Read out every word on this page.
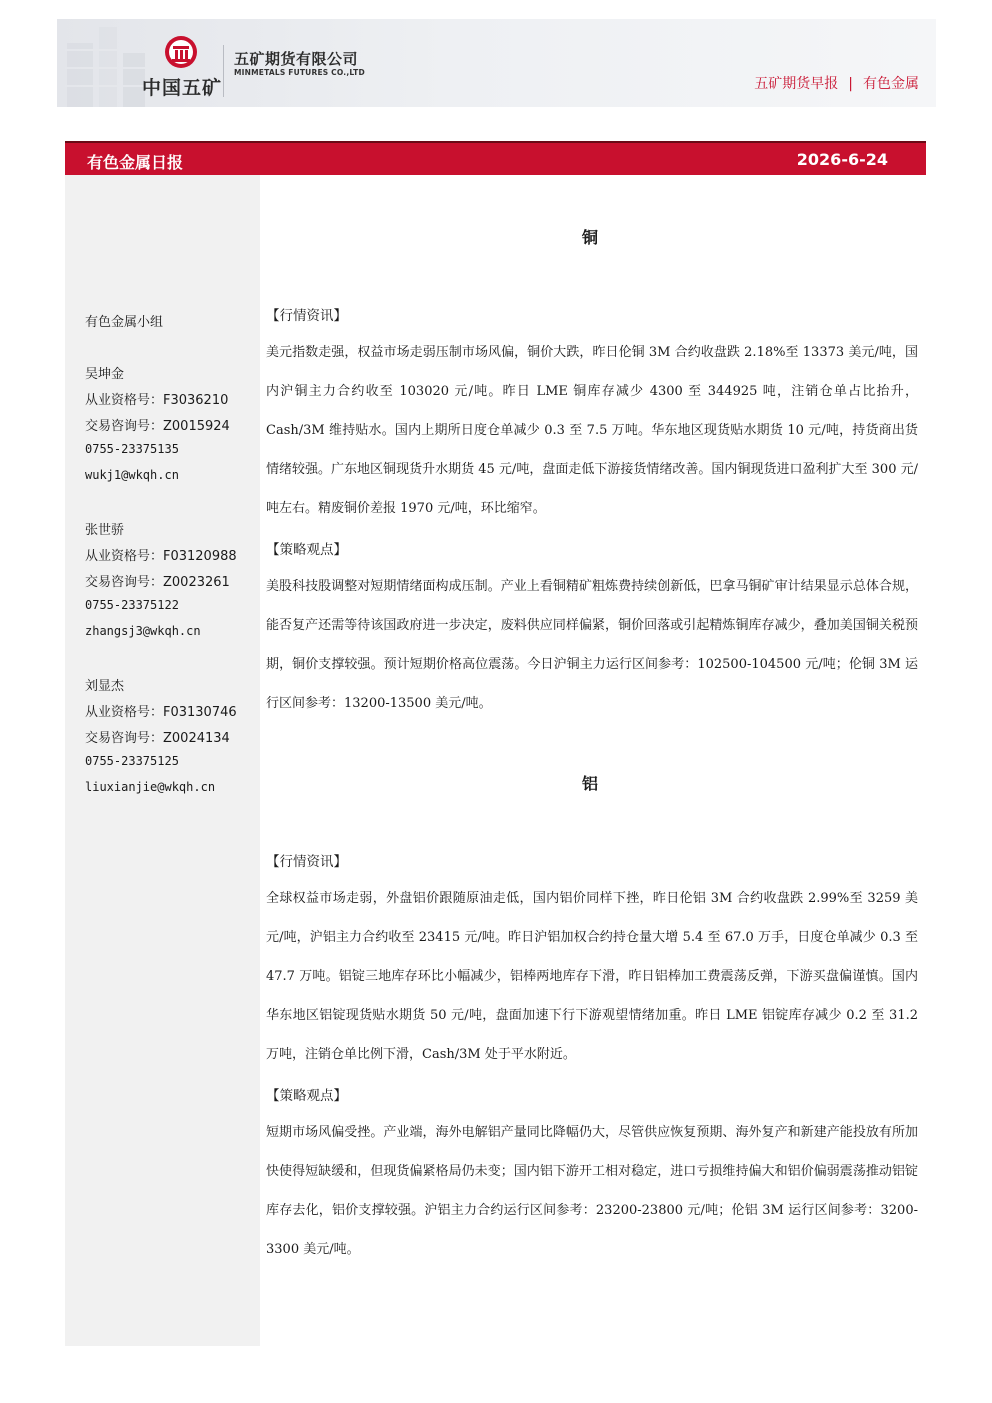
中国五矿
五矿期货有限公司
MINMETALS FUTURES CO.,LTD
五矿期货早报 | 有色金属
有色金属日报	2026-6-24
有色金属小组
吴坤金
从业资格号：F3036210
交易咨询号：Z0015924
0755-23375135
wukj1@wkqh.cn
张世骄
从业资格号：F03120988
交易咨询号：Z0023261
0755-23375122
zhangsj3@wkqh.cn
刘显杰
从业资格号：F03130746
交易咨询号：Z0024134
0755-23375125
liuxianjie@wkqh.cn
铜
【行情资讯】
美元指数走强，权益市场走弱压制市场风偏，铜价大跌，昨日伦铜 3M 合约收盘跌 2.18%至 13373 美元/吨，国内沪铜主力合约收至 103020 元/吨。昨日 LME 铜库存减少 4300 至 344925 吨，注销仓单占比抬升，Cash/3M 维持贴水。国内上期所日度仓单减少 0.3 至 7.5 万吨。华东地区现货贴水期货 10 元/吨，持货商出货情绪较强。广东地区铜现货升水期货 45 元/吨，盘面走低下游接货情绪改善。国内铜现货进口盈利扩大至 300 元/吨左右。精废铜价差报 1970 元/吨，环比缩窄。
【策略观点】
美股科技股调整对短期情绪面构成压制。产业上看铜精矿粗炼费持续创新低，巴拿马铜矿审计结果显示总体合规，能否复产还需等待该国政府进一步决定，废料供应同样偏紧，铜价回落或引起精炼铜库存减少，叠加美国铜关税预期，铜价支撑较强。预计短期价格高位震荡。今日沪铜主力运行区间参考：102500-104500 元/吨；伦铜 3M 运行区间参考：13200-13500 美元/吨。
铝
【行情资讯】
全球权益市场走弱，外盘铝价跟随原油走低，国内铝价同样下挫，昨日伦铝 3M 合约收盘跌 2.99%至 3259 美元/吨，沪铝主力合约收至 23415 元/吨。昨日沪铝加权合约持仓量大增 5.4 至 67.0 万手，日度仓单减少 0.3 至 47.7 万吨。铝锭三地库存环比小幅减少，铝棒两地库存下滑，昨日铝棒加工费震荡反弹，下游买盘偏谨慎。国内华东地区铝锭现货贴水期货 50 元/吨，盘面加速下行下游观望情绪加重。昨日 LME 铝锭库存减少 0.2 至 31.2 万吨，注销仓单比例下滑，Cash/3M 处于平水附近。
【策略观点】
短期市场风偏受挫。产业端，海外电解铝产量同比降幅仍大，尽管供应恢复预期、海外复产和新建产能投放有所加快使得短缺缓和，但现货偏紧格局仍未变；国内铝下游开工相对稳定，进口亏损维持偏大和铝价偏弱震荡推动铝锭库存去化，铝价支撑较强。沪铝主力合约运行区间参考：23200-23800 元/吨；伦铝 3M 运行区间参考：3200-3300 美元/吨。
